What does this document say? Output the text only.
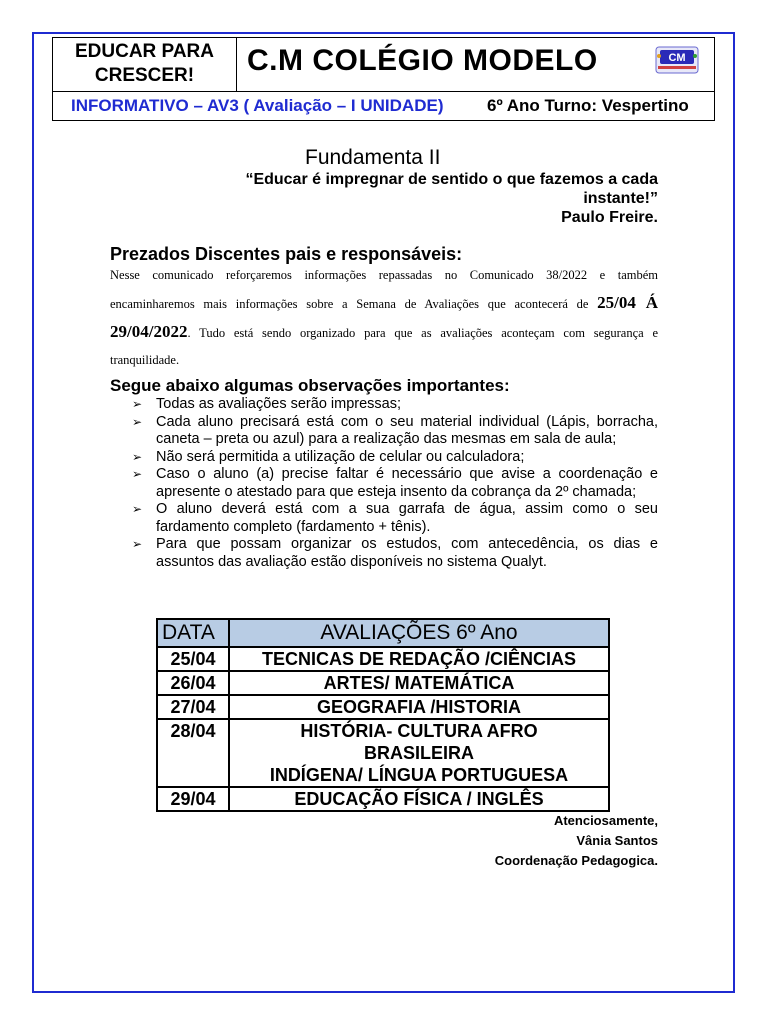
EDUCAR PARA
CRESCER!	C.M COLÉGIO MODELO	CM
INFORMATIVO – AV3 ( Avaliação – I UNIDADE)	6º Ano Turno: Vespertino
Fundamenta II
“Educar é impregnar de sentido o que fazemos a cada
instante!”
Paulo Freire.
Prezados Discentes pais e responsáveis:
Nesse comunicado reforçaremos informações repassadas no Comunicado 38/2022 e também encaminharemos mais informações sobre a Semana de Avaliações que acontecerá de 25/04 Á 29/04/2022. Tudo está sendo organizado para que as avaliações aconteçam com segurança e tranquilidade.
Segue abaixo algumas observações importantes:
➢ Todas as avaliações serão impressas;
➢ Cada aluno precisará está com o seu material individual (Lápis, borracha, caneta – preta ou azul) para a realização das mesmas em sala de aula;
➢ Não será permitida a utilização de celular ou calculadora;
➢ Caso o aluno (a) precise faltar é necessário que avise a coordenação e apresente o atestado para que esteja insento da cobrança da 2º chamada;
➢ O aluno deverá está com a sua garrafa de água, assim como o seu fardamento completo (fardamento + tênis).
➢ Para que possam organizar os estudos, com antecedência, os dias e assuntos das avaliação estão disponíveis no sistema Qualyt.
DATA	AVALIAÇÕES 6º Ano
25/04	TECNICAS DE REDAÇÃO /CIÊNCIAS

26/04	ARTES/ MATEMÁTICA

27/04	GEOGRAFIA /HISTORIA

28/04	HISTÓRIA- CULTURA AFRO
BRASILEIRA
INDÍGENA/ LÍNGUA PORTUGUESA

29/04	EDUCAÇÃO FÍSICA / INGLÊS
Atenciosamente,
Vânia Santos
Coordenação Pedagogica.
